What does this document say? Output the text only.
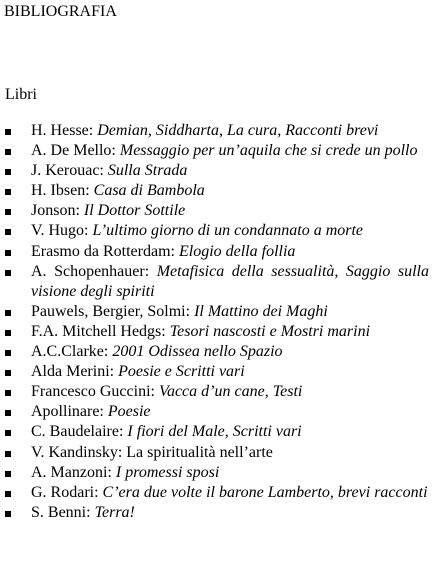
BIBLIOGRAFIA
Libri
H. Hesse: Demian, Siddharta, La cura, Racconti brevi
A. De Mello: Messaggio per un’aquila che si crede un pollo
J. Kerouac: Sulla Strada
H. Ibsen: Casa di Bambola
Jonson: Il Dottor Sottile
V. Hugo: L’ultimo giorno di un condannato a morte
Erasmo da Rotterdam: Elogio della follia
A. Schopenhauer: Metafisica della sessualità, Saggio sulla visione degli spiriti
Pauwels, Bergier, Solmi: Il Mattino dei Maghi
F.A. Mitchell Hedgs: Tesori nascosti e Mostri marini
A.C.Clarke: 2001 Odissea nello Spazio
Alda Merini: Poesie e Scritti vari
Francesco Guccini: Vacca d’un cane, Testi
Apollinare: Poesie
C. Baudelaire: I fiori del Male, Scritti vari
V. Kandinsky: La spiritualità nell’arte
A. Manzoni: I promessi sposi
G. Rodari: C’era due volte il barone Lamberto, brevi racconti
S. Benni: Terra!
